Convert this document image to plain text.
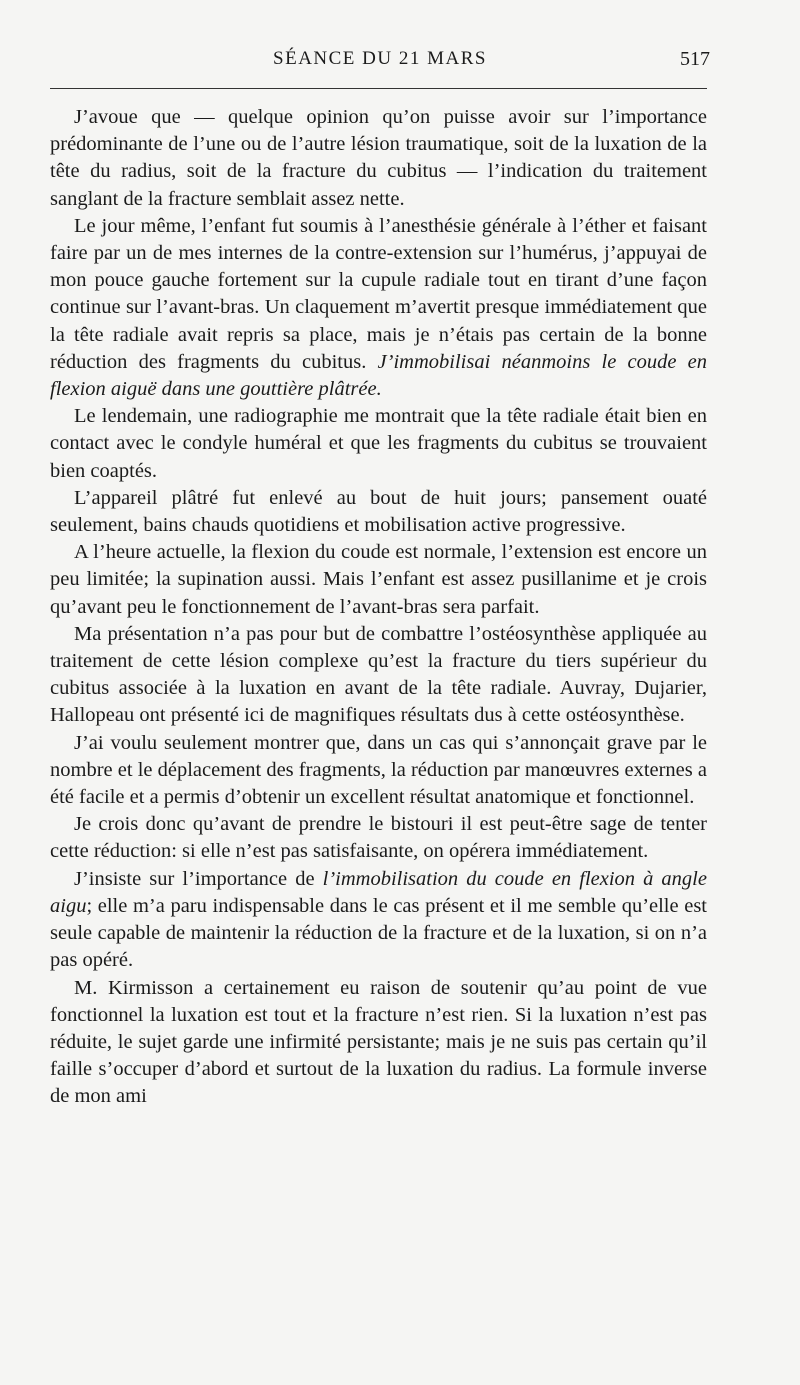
SÉANCE DU 21 MARS	517

J’avoue que — quelque opinion qu’on puisse avoir sur l’importance prédominante de l’une ou de l’autre lésion traumatique, soit de la luxation de la tête du radius, soit de la fracture du cubitus — l’indication du traitement sanglant de la fracture semblait assez nette.

Le jour même, l’enfant fut soumis à l’anesthésie générale à l’éther et faisant faire par un de mes internes de la contre-extension sur l’humérus, j’appuyai de mon pouce gauche fortement sur la cupule radiale tout en tirant d’une façon continue sur l’avant-bras. Un claquement m’avertit presque immédiatement que la tête radiale avait repris sa place, mais je n’étais pas certain de la bonne réduction des fragments du cubitus. J’immobilisai néanmoins le coude en flexion aiguë dans une gouttière plâtrée.

Le lendemain, une radiographie me montrait que la tête radiale était bien en contact avec le condyle huméral et que les fragments du cubitus se trouvaient bien coaptés.

L’appareil plâtré fut enlevé au bout de huit jours; pansement ouaté seulement, bains chauds quotidiens et mobilisation active progressive.

A l’heure actuelle, la flexion du coude est normale, l’extension est encore un peu limitée; la supination aussi. Mais l’enfant est assez pusillanime et je crois qu’avant peu le fonctionnement de l’avant-bras sera parfait.

Ma présentation n’a pas pour but de combattre l’ostéosynthèse appliquée au traitement de cette lésion complexe qu’est la fracture du tiers supérieur du cubitus associée à la luxation en avant de la tête radiale. Auvray, Dujarier, Hallopeau ont présenté ici de magnifiques résultats dus à cette ostéosynthèse.

J’ai voulu seulement montrer que, dans un cas qui s’annonçait grave par le nombre et le déplacement des fragments, la réduction par manœuvres externes a été facile et a permis d’obtenir un excellent résultat anatomique et fonctionnel.

Je crois donc qu’avant de prendre le bistouri il est peut-être sage de tenter cette réduction: si elle n’est pas satisfaisante, on opérera immédiatement.

J’insiste sur l’importance de l’immobilisation du coude en flexion à angle aigu; elle m’a paru indispensable dans le cas présent et il me semble qu’elle est seule capable de maintenir la réduction de la fracture et de la luxation, si on n’a pas opéré.

M. Kirmisson a certainement eu raison de soutenir qu’au point de vue fonctionnel la luxation est tout et la fracture n’est rien. Si la luxation n’est pas réduite, le sujet garde une infirmité persistante; mais je ne suis pas certain qu’il faille s’occuper d’abord et surtout de la luxation du radius. La formule inverse de mon ami
